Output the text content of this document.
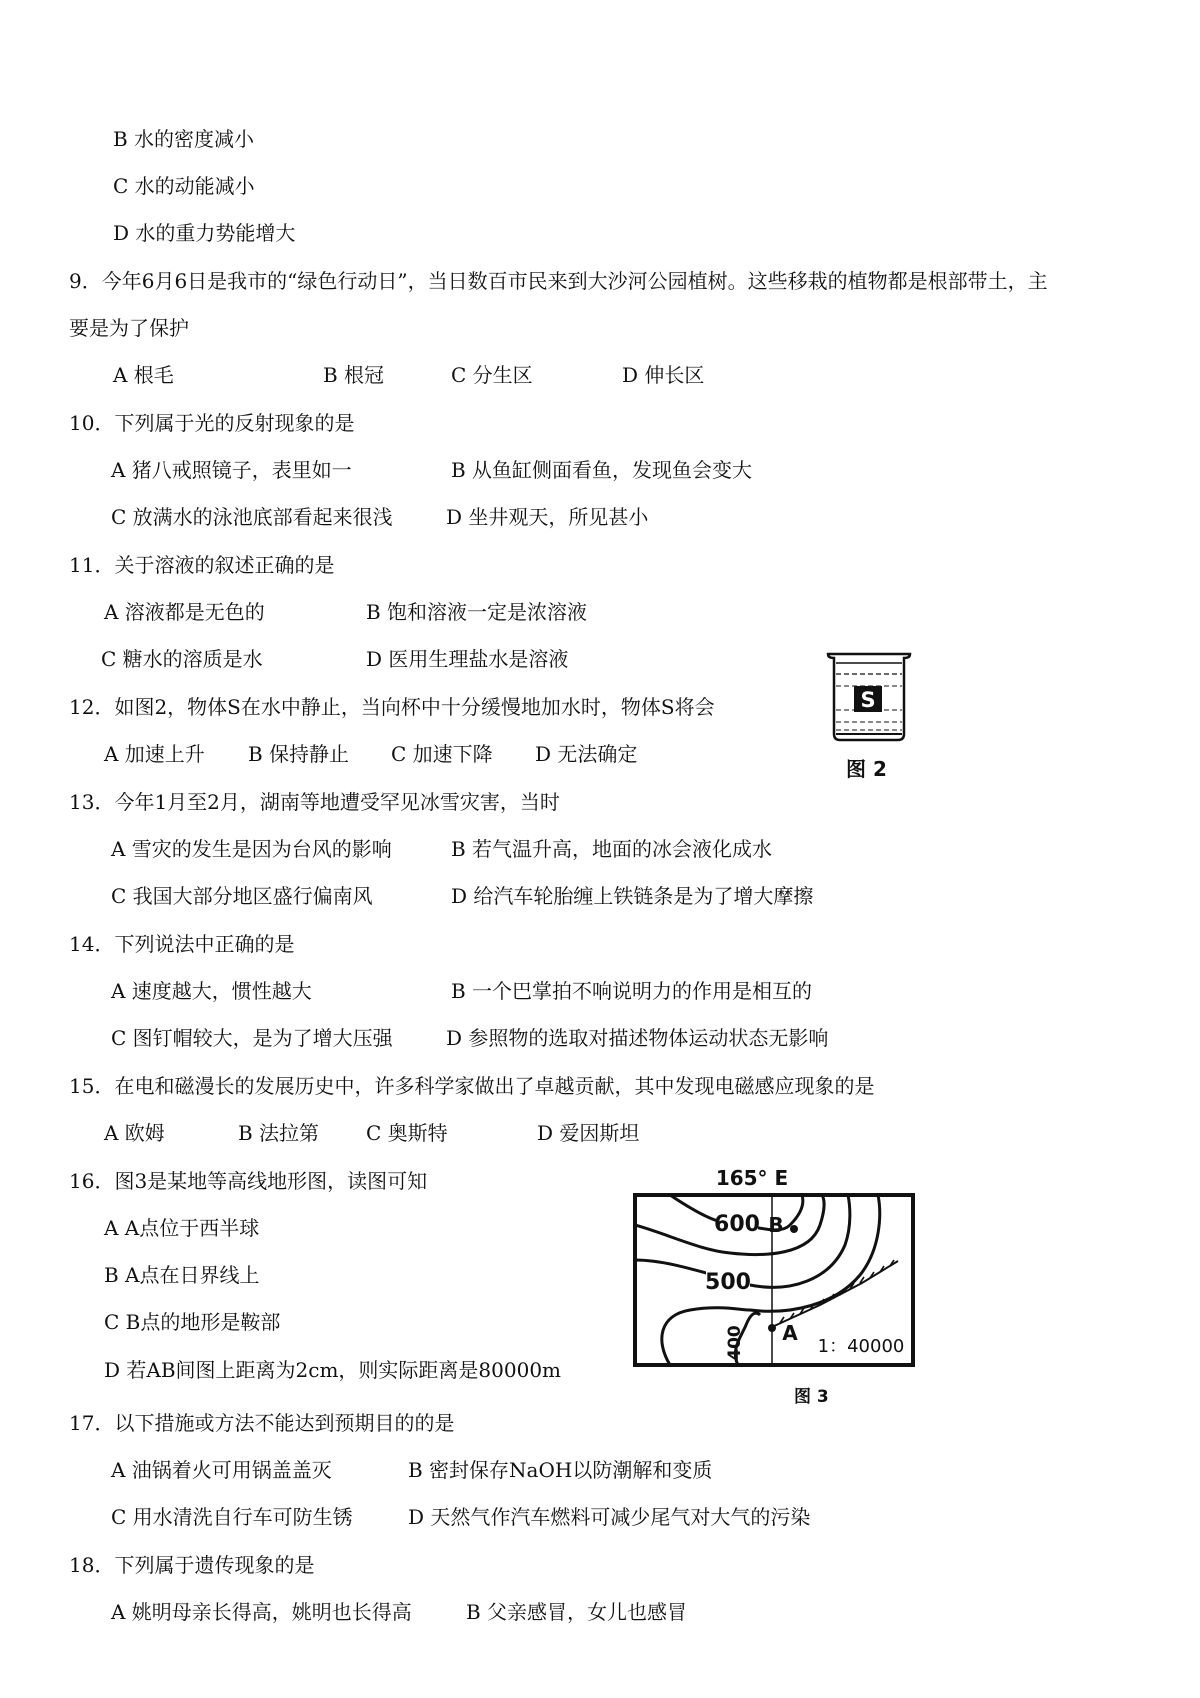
B 水的密度减小
C 水的动能减小
D 水的重力势能增大
9．今年6月6日是我市的“绿色行动日”，当日数百市民来到大沙河公园植树。这些移栽的植物都是根部带土，主
要是为了保护
A 根毛	B 根冠	C 分生区	D 伸长区
10．下列属于光的反射现象的是
A 猪八戒照镜子，表里如一	B 从鱼缸侧面看鱼，发现鱼会变大
C 放满水的泳池底部看起来很浅	D 坐井观天，所见甚小
11．关于溶液的叙述正确的是
A 溶液都是无色的	B 饱和溶液一定是浓溶液
C 糖水的溶质是水	D 医用生理盐水是溶液
12．如图2，物体S在水中静止，当向杯中十分缓慢地加水时，物体S将会
A 加速上升 B 保持静止 C 加速下降 D 无法确定
S
图 2
13．今年1月至2月，湖南等地遭受罕见冰雪灾害，当时
A 雪灾的发生是因为台风的影响	B 若气温升高，地面的冰会液化成水
C 我国大部分地区盛行偏南风	D 给汽车轮胎缠上铁链条是为了增大摩擦
14．下列说法中正确的是
A 速度越大，惯性越大	B 一个巴掌拍不响说明力的作用是相互的
C 图钉帽较大，是为了增大压强	D 参照物的选取对描述物体运动状态无影响
15．在电和磁漫长的发展历史中，许多科学家做出了卓越贡献，其中发现电磁感应现象的是
A 欧姆	B 法拉第 C 奥斯特	D 爱因斯坦
16．图3是某地等高线地形图，读图可知
A A点位于西半球
B A点在日界线上
C B点的地形是鞍部
D 若AB间图上距离为2cm，则实际距离是80000m
165° E
600 B
500
400 A
1：40000
图 3
17．以下措施或方法不能达到预期目的的是
A 油锅着火可用锅盖盖灭	B 密封保存NaOH以防潮解和变质
C 用水清洗自行车可防生锈	D 天然气作汽车燃料可减少尾气对大气的污染
18．下列属于遗传现象的是
A 姚明母亲长得高，姚明也长得高	B 父亲感冒，女儿也感冒
